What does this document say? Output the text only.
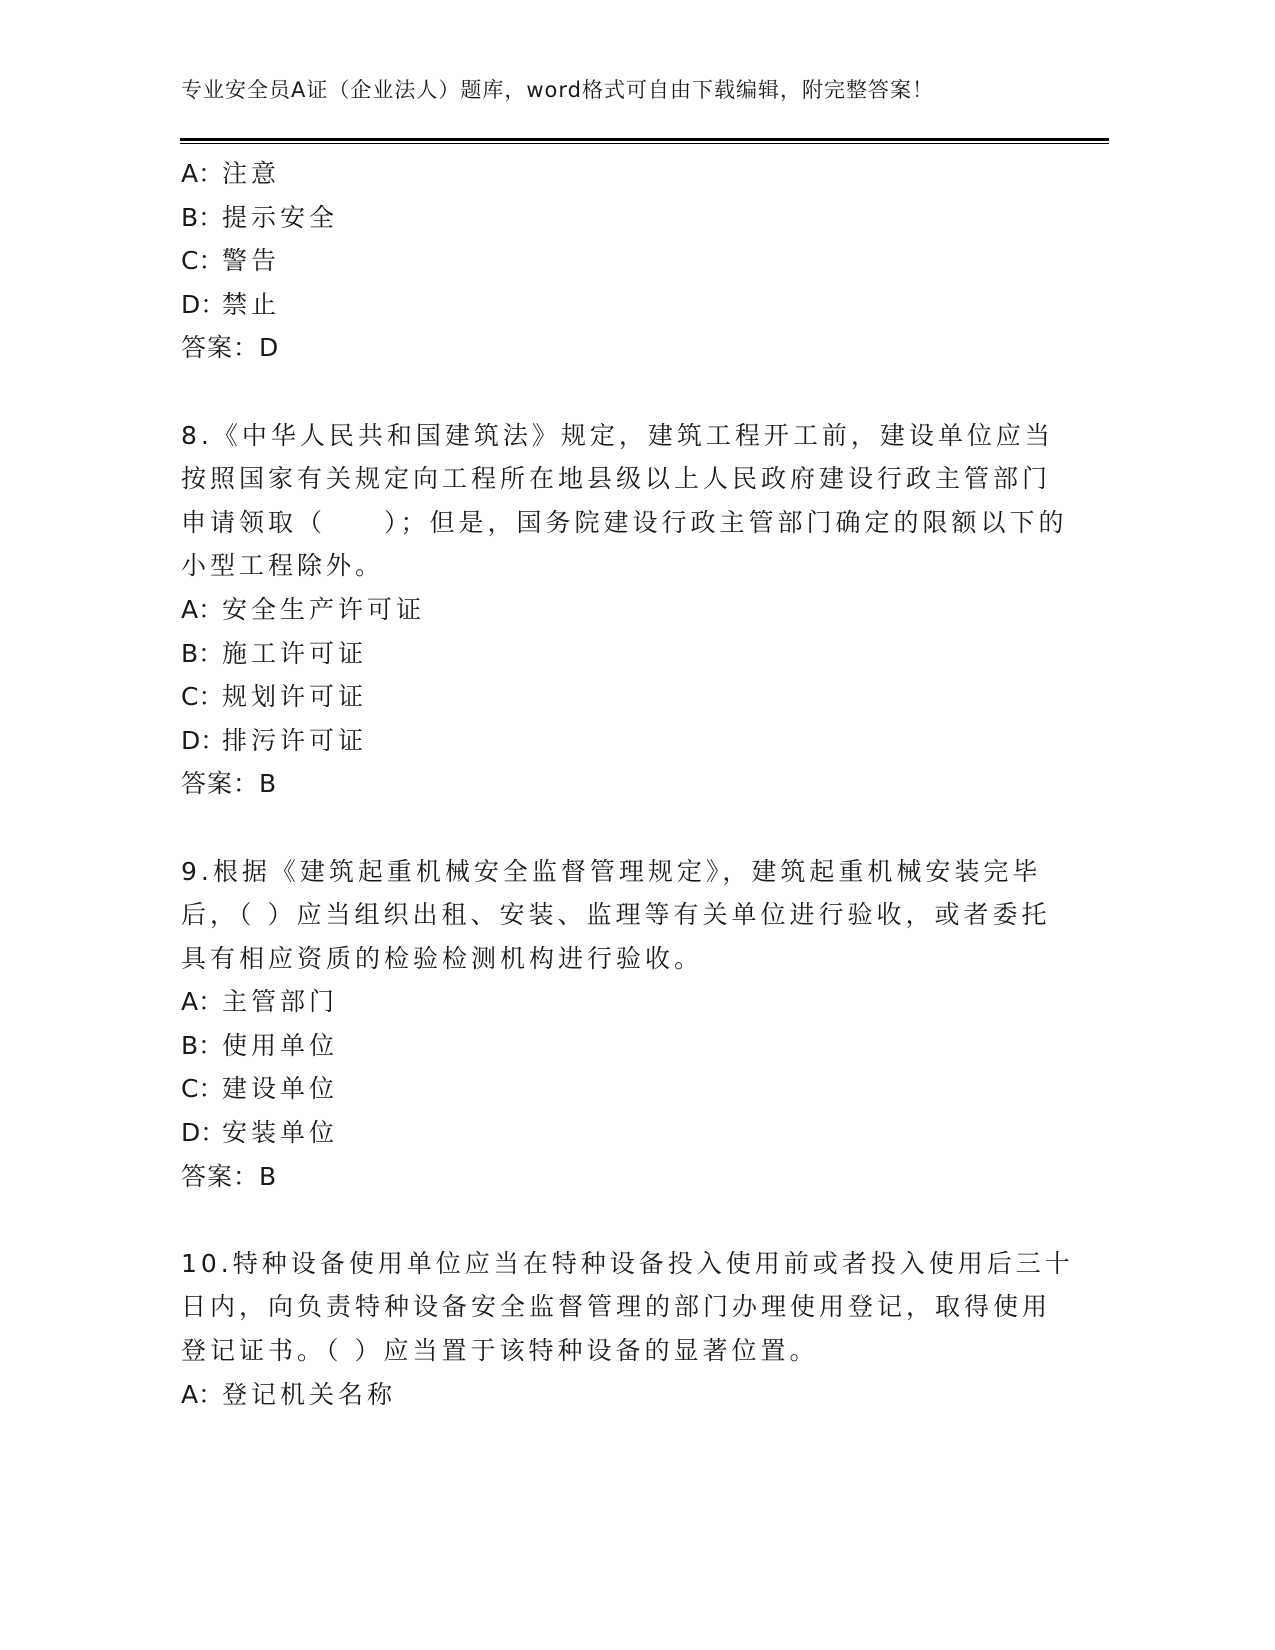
专业安全员A证（企业法人）题库，word格式可自由下载编辑，附完整答案！
A：注意
B：提示安全
C：警告
D：禁止
答案：D
8.《中华人民共和国建筑法》规定，建筑工程开工前，建设单位应当
按照国家有关规定向工程所在地县级以上人民政府建设行政主管部门
申请领取（　　）；但是，国务院建设行政主管部门确定的限额以下的
小型工程除外。
A：安全生产许可证
B：施工许可证
C：规划许可证
D：排污许可证
答案：B
9.根据《建筑起重机械安全监督管理规定》，建筑起重机械安装完毕
后，（ ）应当组织出租、安装、监理等有关单位进行验收，或者委托
具有相应资质的检验检测机构进行验收。
A：主管部门
B：使用单位
C：建设单位
D：安装单位
答案：B
10.特种设备使用单位应当在特种设备投入使用前或者投入使用后三十
日内，向负责特种设备安全监督管理的部门办理使用登记，取得使用
登记证书。（ ）应当置于该特种设备的显著位置。
A：登记机关名称
